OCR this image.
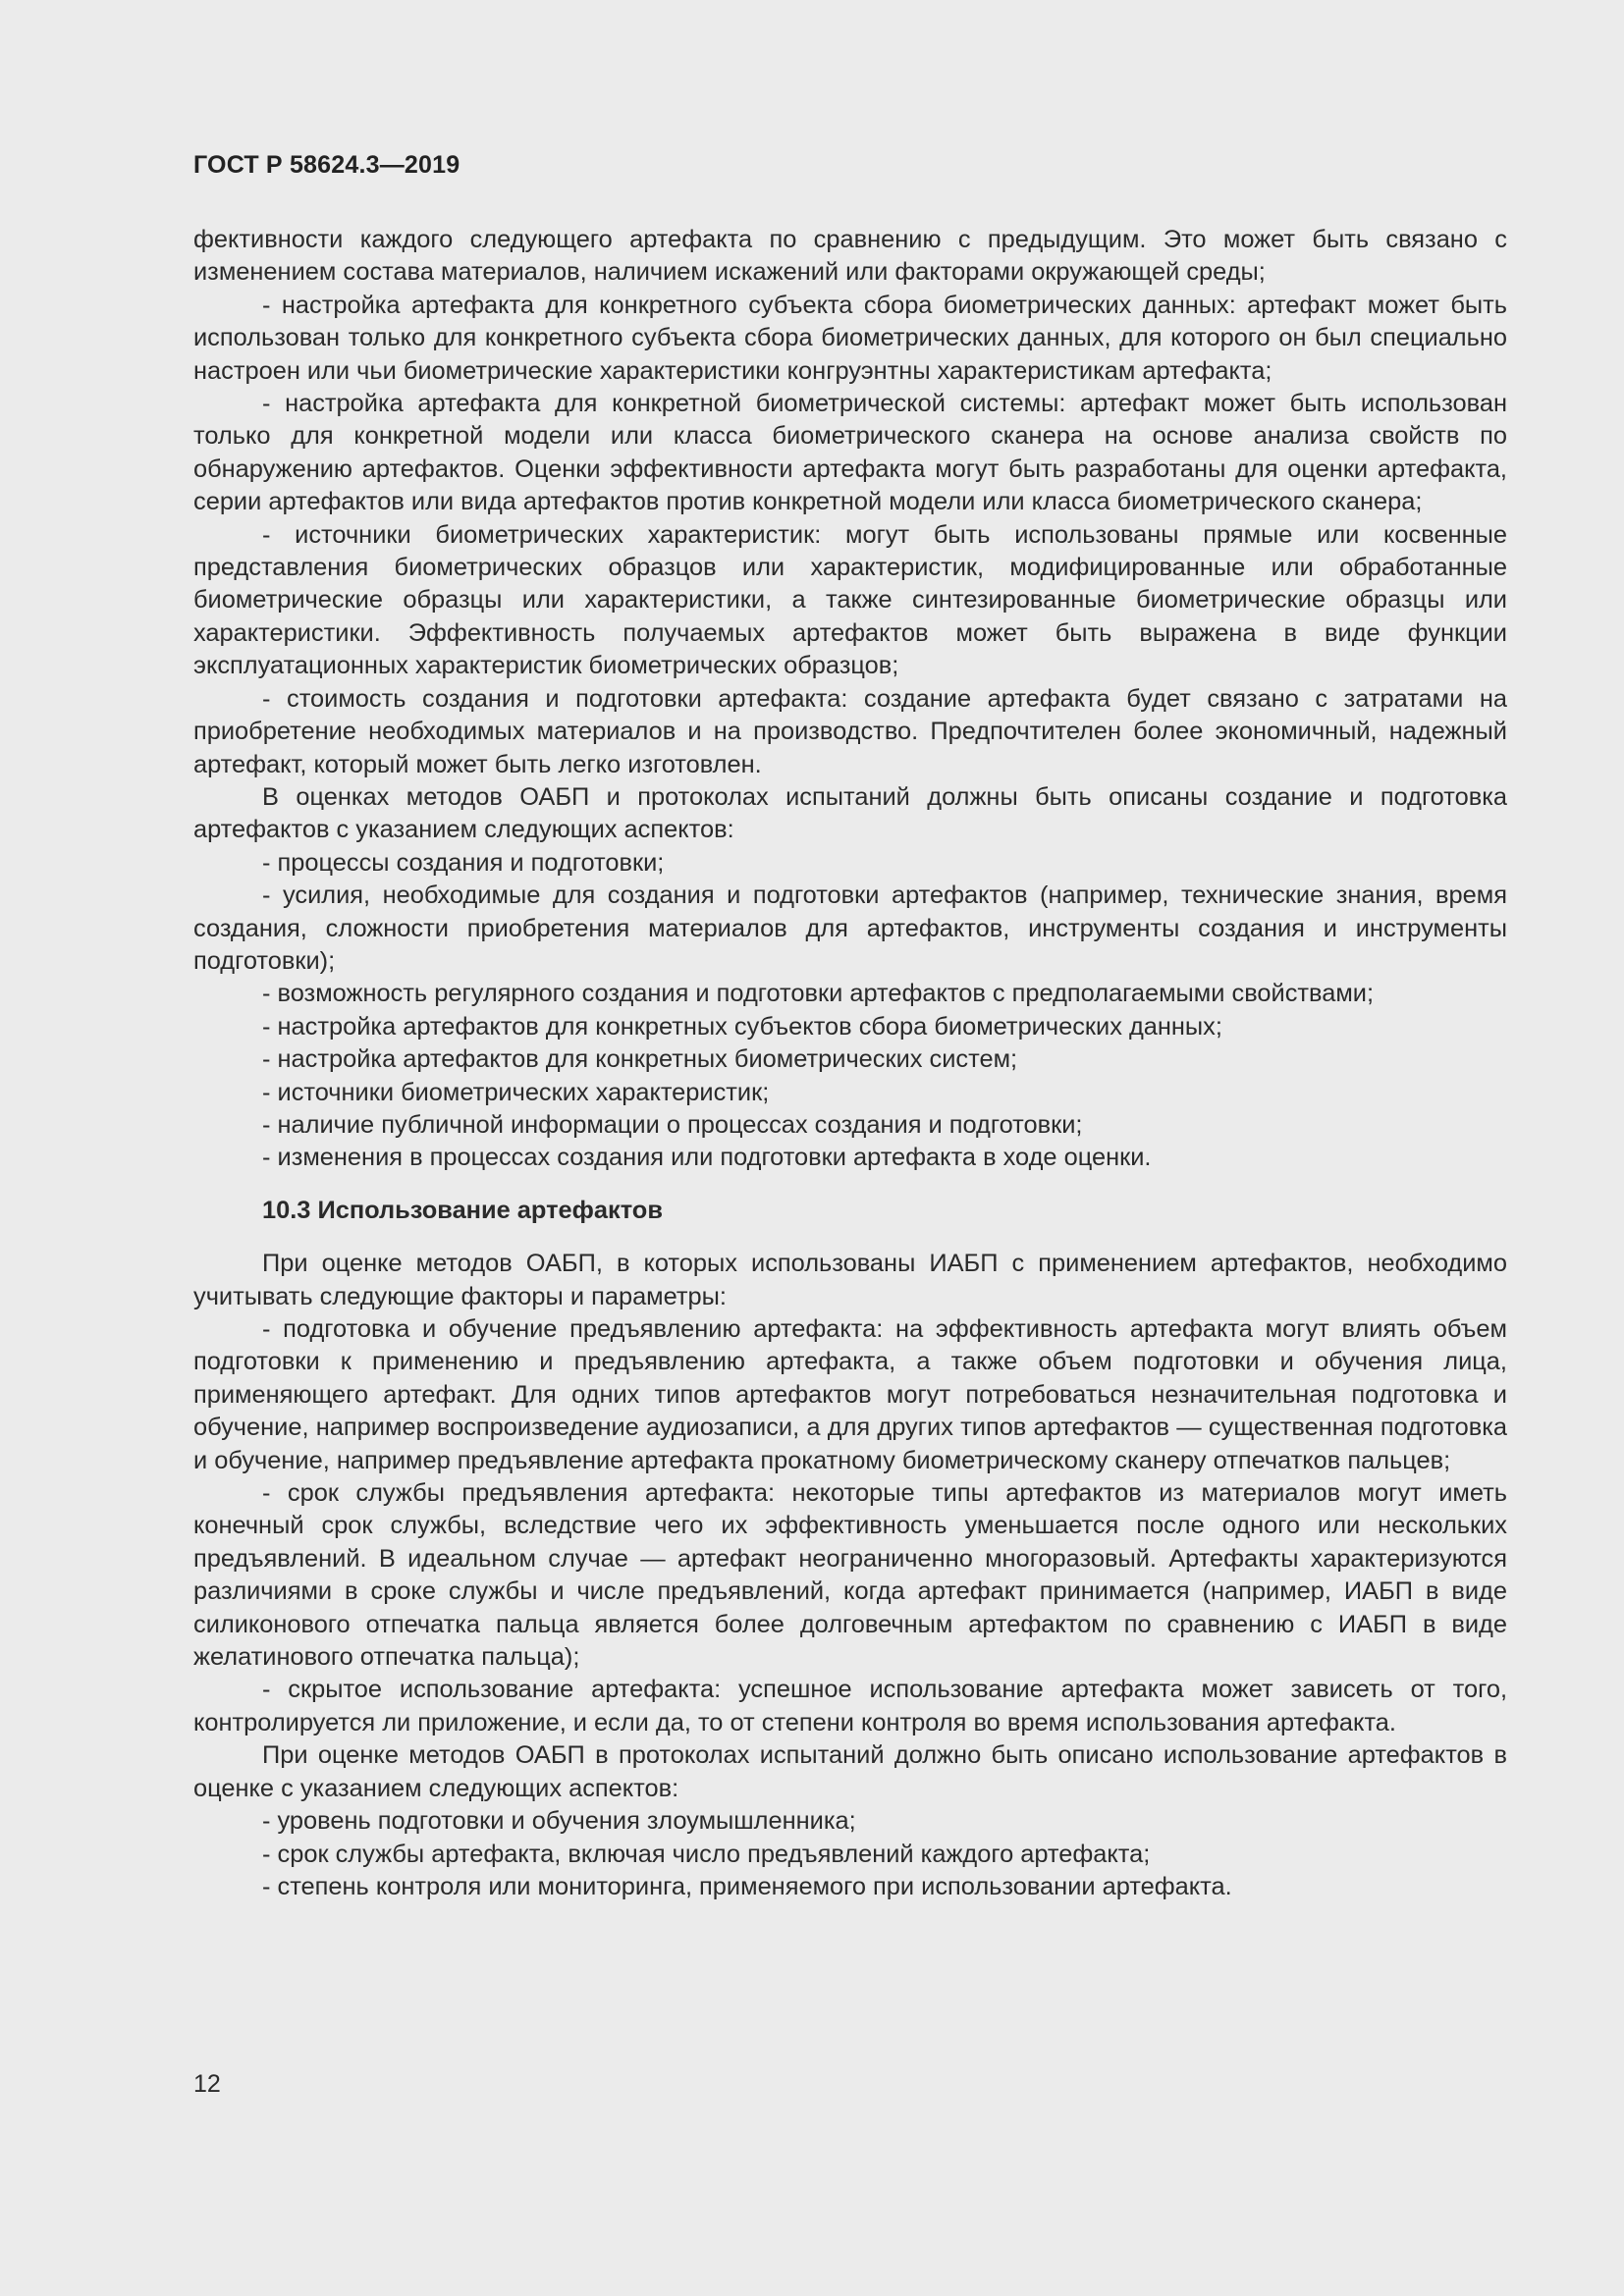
ГОСТ Р 58624.3—2019

фективности каждого следующего артефакта по сравнению с предыдущим. Это может быть связано с изменением состава материалов, наличием искажений или факторами окружающей среды;

- настройка артефакта для конкретного субъекта сбора биометрических данных: артефакт может быть использован только для конкретного субъекта сбора биометрических данных, для которого он был специально настроен или чьи биометрические характеристики конгруэнтны характеристикам артефакта;

- настройка артефакта для конкретной биометрической системы: артефакт может быть использован только для конкретной модели или класса биометрического сканера на основе анализа свойств по обнаружению артефактов. Оценки эффективности артефакта могут быть разработаны для оценки артефакта, серии артефактов или вида артефактов против конкретной модели или класса биометрического сканера;

- источники биометрических характеристик: могут быть использованы прямые или косвенные представления биометрических образцов или характеристик, модифицированные или обработанные биометрические образцы или характеристики, а также синтезированные биометрические образцы или характеристики. Эффективность получаемых артефактов может быть выражена в виде функции эксплуатационных характеристик биометрических образцов;

- стоимость создания и подготовки артефакта: создание артефакта будет связано с затратами на приобретение необходимых материалов и на производство. Предпочтителен более экономичный, надежный артефакт, который может быть легко изготовлен.

В оценках методов ОАБП и протоколах испытаний должны быть описаны создание и подготовка артефактов с указанием следующих аспектов:

- процессы создания и подготовки;

- усилия, необходимые для создания и подготовки артефактов (например, технические знания, время создания, сложности приобретения материалов для артефактов, инструменты создания и инструменты подготовки);

- возможность регулярного создания и подготовки артефактов с предполагаемыми свойствами;

- настройка артефактов для конкретных субъектов сбора биометрических данных;

- настройка артефактов для конкретных биометрических систем;

- источники биометрических характеристик;

- наличие публичной информации о процессах создания и подготовки;

- изменения в процессах создания или подготовки артефакта в ходе оценки.

10.3 Использование артефактов

При оценке методов ОАБП, в которых использованы ИАБП с применением артефактов, необходимо учитывать следующие факторы и параметры:

- подготовка и обучение предъявлению артефакта: на эффективность артефакта могут влиять объем подготовки к применению и предъявлению артефакта, а также объем подготовки и обучения лица, применяющего артефакт. Для одних типов артефактов могут потребоваться незначительная подготовка и обучение, например воспроизведение аудиозаписи, а для других типов артефактов — существенная подготовка и обучение, например предъявление артефакта прокатному биометрическому сканеру отпечатков пальцев;

- срок службы предъявления артефакта: некоторые типы артефактов из материалов могут иметь конечный срок службы, вследствие чего их эффективность уменьшается после одного или нескольких предъявлений. В идеальном случае — артефакт неограниченно многоразовый. Артефакты характеризуются различиями в сроке службы и числе предъявлений, когда артефакт принимается (например, ИАБП в виде силиконового отпечатка пальца является более долговечным артефактом по сравнению с ИАБП в виде желатинового отпечатка пальца);

- скрытое использование артефакта: успешное использование артефакта может зависеть от того, контролируется ли приложение, и если да, то от степени контроля во время использования артефакта.

При оценке методов ОАБП в протоколах испытаний должно быть описано использование артефактов в оценке с указанием следующих аспектов:

- уровень подготовки и обучения злоумышленника;

- срок службы артефакта, включая число предъявлений каждого артефакта;

- степень контроля или мониторинга, применяемого при использовании артефакта.

12
